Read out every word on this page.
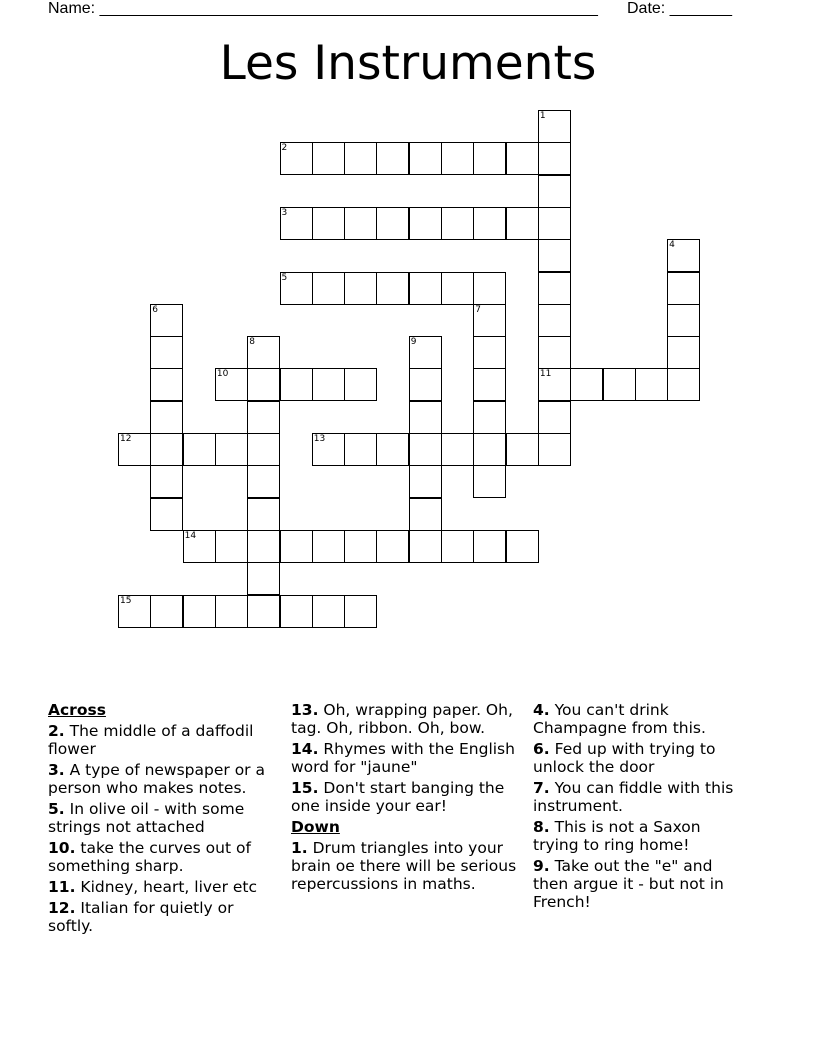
Name: ________________________________________________________ Date: _______
Les Instruments
1
11
2
3
4
5
6	7
8	9
10
12	13
14
15
Across
2. The middle of a daffodil flower
3. A type of newspaper or a person who makes notes.
5. In olive oil - with some strings not attached
10. take the curves out of something sharp.
11. Kidney, heart, liver etc
12. Italian for quietly or softly.
13. Oh, wrapping paper. Oh, tag. Oh, ribbon. Oh, bow.
14. Rhymes with the English word for "jaune"
15. Don't start banging the one inside your ear!
Down
1. Drum triangles into your brain oe there will be serious repercussions in maths.
4. You can't drink Champagne from this.
6. Fed up with trying to unlock the door
7. You can fiddle with this instrument.
8. This is not a Saxon trying to ring home!
9. Take out the "e" and then argue it - but not in French!
